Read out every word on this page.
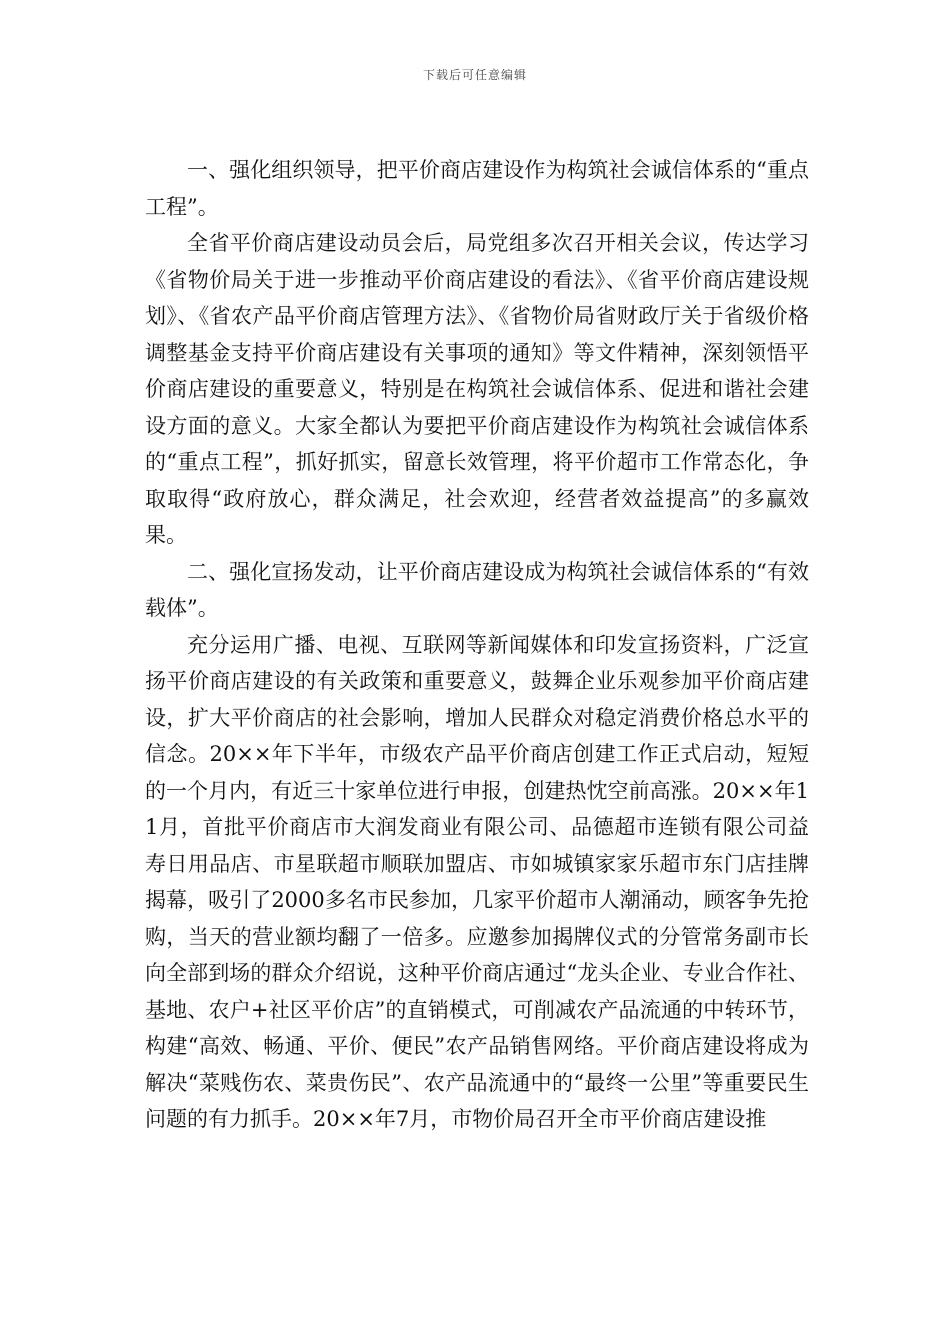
下载后可任意编辑

一、强化组织领导，把平价商店建设作为构筑社会诚信体系的“重点工程”。

全省平价商店建设动员会后，局党组多次召开相关会议，传达学习《省物价局关于进一步推动平价商店建设的看法》、《省平价商店建设规划》、《省农产品平价商店管理方法》、《省物价局省财政厅关于省级价格调整基金支持平价商店建设有关事项的通知》等文件精神，深刻领悟平价商店建设的重要意义，特别是在构筑社会诚信体系、促进和谐社会建设方面的意义。大家全都认为要把平价商店建设作为构筑社会诚信体系的“重点工程”，抓好抓实，留意长效管理，将平价超市工作常态化，争取取得“政府放心，群众满足，社会欢迎，经营者效益提高”的多赢效果。

二、强化宣扬发动，让平价商店建设成为构筑社会诚信体系的“有效载体”。

充分运用广播、电视、互联网等新闻媒体和印发宣扬资料，广泛宣扬平价商店建设的有关政策和重要意义，鼓舞企业乐观参加平价商店建设，扩大平价商店的社会影响，增加人民群众对稳定消费价格总水平的信念。20××年下半年，市级农产品平价商店创建工作正式启动，短短的一个月内，有近三十家单位进行申报，创建热忱空前高涨。20××年11月，首批平价商店市大润发商业有限公司、品德超市连锁有限公司益寿日用品店、市星联超市顺联加盟店、市如城镇家家乐超市东门店挂牌揭幕，吸引了2000多名市民参加，几家平价超市人潮涌动，顾客争先抢购，当天的营业额均翻了一倍多。应邀参加揭牌仪式的分管常务副市长向全部到场的群众介绍说，这种平价商店通过“龙头企业、专业合作社、基地、农户+社区平价店”的直销模式，可削减农产品流通的中转环节，构建“高效、畅通、平价、便民”农产品销售网络。平价商店建设将成为解决“菜贱伤农、菜贵伤民”、农产品流通中的“最终一公里”等重要民生问题的有力抓手。20××年7月，市物价局召开全市平价商店建设推
